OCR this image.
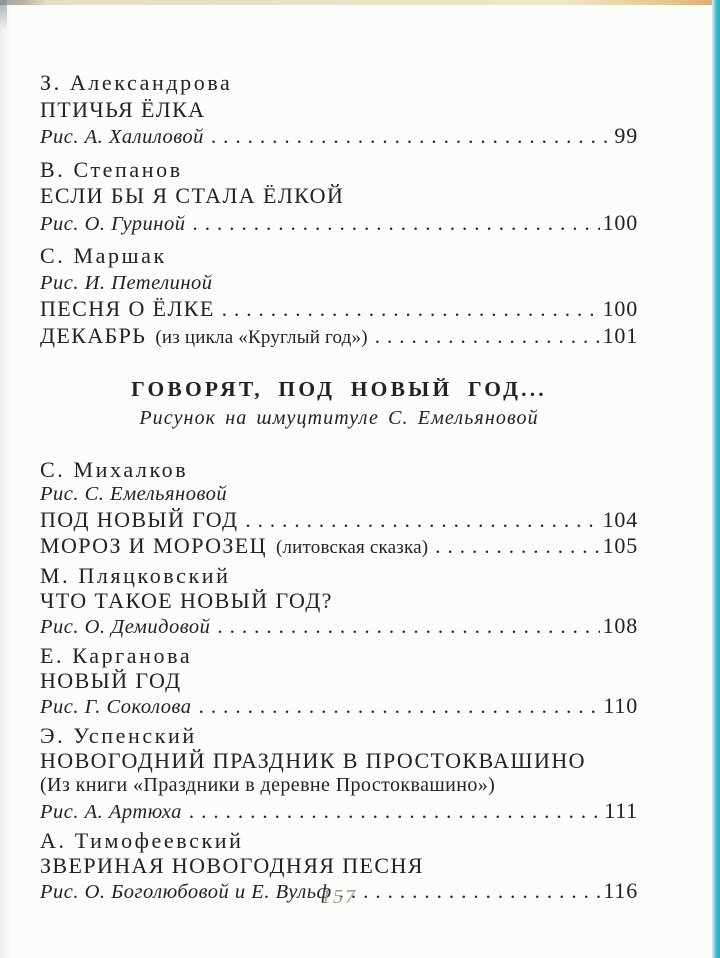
З. Александрова
ПТИЧЬЯ ЁЛКА
Рис. А. Халиловой .....	99
В. Степанов
ЕСЛИ БЫ Я СТАЛА ЁЛКОЙ
Рис. О. Гуриной .....	100
С. Маршак
Рис. И. Петелиной
ПЕСНЯ О ЁЛКЕ .....	100
ДЕКАБРЬ (из цикла «Круглый год») .....	101
ГОВОРЯТ, ПОД НОВЫЙ ГОД...
Рисунок на шмуцтитуле С. Емельяновой
С. Михалков
Рис. С. Емельяновой
ПОД НОВЫЙ ГОД .....	104
МОРОЗ И МОРОЗЕЦ (литовская сказка) .....	105
М. Пляцковский
ЧТО ТАКОЕ НОВЫЙ ГОД?
Рис. О. Демидовой .....	108
Е. Карганова
НОВЫЙ ГОД
Рис. Г. Соколова .....	110
Э. Успенский
НОВОГОДНИЙ ПРАЗДНИК В ПРОСТОКВАШИНО
(Из книги «Праздники в деревне Простоквашино»)
Рис. А. Артюха .....	111
А. Тимофеевский
ЗВЕРИНАЯ НОВОГОДНЯЯ ПЕСНЯ
Рис. О. Боголюбовой и Е. Вульф .....	116
157
